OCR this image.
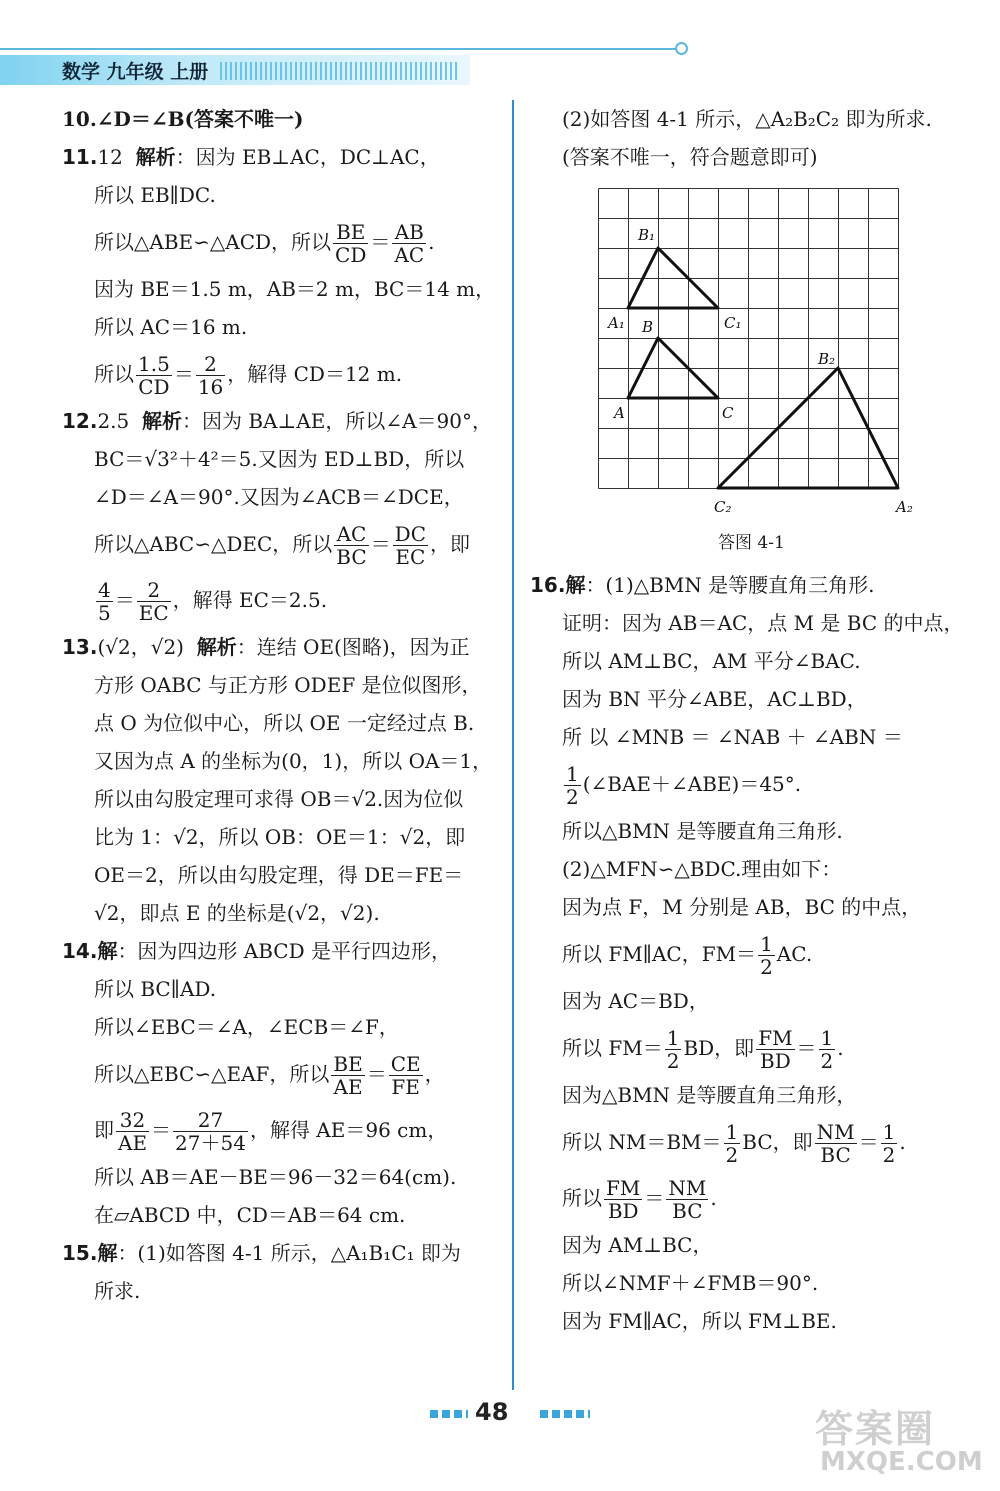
数学 九年级 上册

10.∠D＝∠B(答案不唯一)

11.12 解析：因为 EB⊥AC，DC⊥AC，

所以 EB∥DC.

所以△ABE∽△ACD，所以 $\frac{BE}{CD} = \frac{AB}{AC}$ .

因为 BE＝1.5 m，AB＝2 m，BC＝14 m，

所以 AC＝16 m.

所以 $\frac{1.5}{CD} = \frac{2}{16}$ ，解得 CD＝12 m.

12.2.5 解析：因为 BA⊥AE，所以∠A＝90°，

BC＝√3²＋4²＝5.又因为 ED⊥BD，所以

∠D＝∠A＝90°.又因为∠ACB＝∠DCE，

所以△ABC∽△DEC，所以 $\frac{AC}{BC} = \frac{DC}{EC}$ ，即

$\frac{4}{5} = \frac{2}{EC}$ ，解得 EC＝2.5.

13.(√2，√2) 解析：连结 OE(图略)，因为正

方形 OABC 与正方形 ODEF 是位似图形，

点 O 为位似中心，所以 OE 一定经过点 B.

又因为点 A 的坐标为(0，1)，所以 OA＝1，

所以由勾股定理可求得 OB＝√2.因为位似

比为 1：√2，所以 OB：OE＝1：√2，即

OE＝2，所以由勾股定理，得 DE＝FE＝

√2，即点 E 的坐标是(√2，√2).

14.解：因为四边形 ABCD 是平行四边形，

所以 BC∥AD.

所以∠EBC＝∠A，∠ECB＝∠F，

所以△EBC∽△EAF，所以 $\frac{BE}{AE} = \frac{CE}{FE}$ ，

即 $\frac{32}{AE} = \frac{27}{27+54}$ ，解得 AE＝96 cm，

所以 AB＝AE－BE＝96－32＝64(cm).

在▱ABCD 中，CD＝AB＝64 cm.

15.解：(1)如答图 4-1 所示，△A₁B₁C₁ 即为

所求.

(2)如答图 4-1 所示，△A₂B₂C₂ 即为所求.

(答案不唯一，符合题意即可)

B₁
A₁	C₁
B
A	C
B₂
C₂	A₂
答图 4-1

16.解：(1)△BMN 是等腰直角三角形.

证明：因为 AB＝AC，点 M 是 BC 的中点，

所以 AM⊥BC，AM 平分∠BAC.

因为 BN 平分∠ABE，AC⊥BD，

所 以 ∠MNB ＝ ∠NAB ＋ ∠ABN ＝

$\frac{1}{2}$ (∠BAE＋∠ABE)＝45°.

所以△BMN 是等腰直角三角形.

(2)△MFN∽△BDC.理由如下：

因为点 F，M 分别是 AB，BC 的中点，

所以 FM∥AC，$FM= \frac{1}{2}$ AC.

因为 AC＝BD，

所以 $FM= \frac{1}{2}$ BD，即 $\frac{FM}{BD} = \frac{1}{2}$ .

因为△BMN 是等腰直角三角形，

所以 $NM=BM= \frac{1}{2}$ BC，即 $\frac{NM}{BC} = \frac{1}{2}$ .

所以 $\frac{FM}{BD} = \frac{NM}{BC}$ .

因为 AM⊥BC，

所以∠NMF＋∠FMB＝90°.

因为 FM∥AC，所以 FM⊥BE.

48	答案圈
MXQE.COM
